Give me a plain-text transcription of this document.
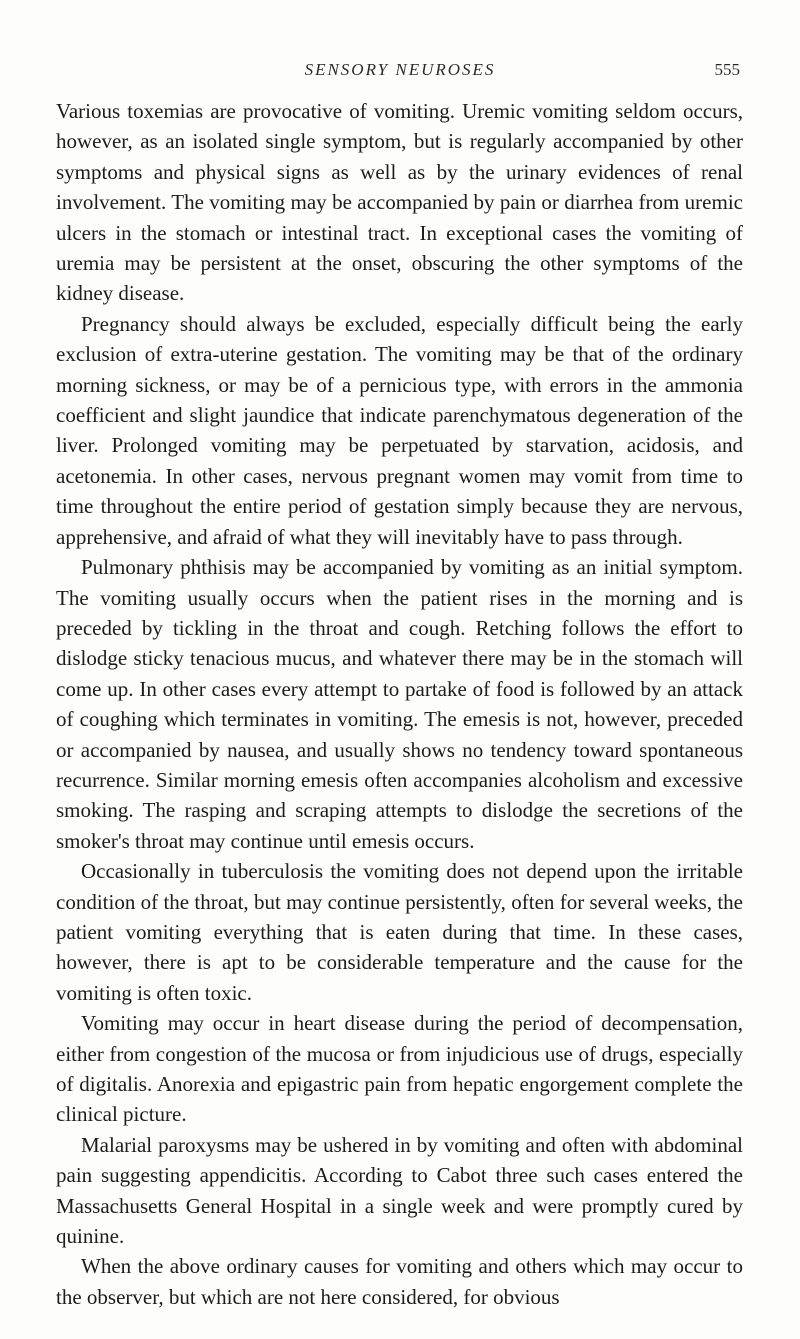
SENSORY NEUROSES	555

Various toxemias are provocative of vomiting. Uremic vomiting seldom occurs, however, as an isolated single symptom, but is regularly accompanied by other symptoms and physical signs as well as by the urinary evidences of renal involvement. The vomiting may be accompanied by pain or diarrhea from uremic ulcers in the stomach or intestinal tract. In exceptional cases the vomiting of uremia may be persistent at the onset, obscuring the other symptoms of the kidney disease.

Pregnancy should always be excluded, especially difficult being the early exclusion of extra-uterine gestation. The vomiting may be that of the ordinary morning sickness, or may be of a pernicious type, with errors in the ammonia coefficient and slight jaundice that indicate parenchymatous degeneration of the liver. Prolonged vomiting may be perpetuated by starvation, acidosis, and acetonemia. In other cases, nervous pregnant women may vomit from time to time throughout the entire period of gestation simply because they are nervous, apprehensive, and afraid of what they will inevitably have to pass through.

Pulmonary phthisis may be accompanied by vomiting as an initial symptom. The vomiting usually occurs when the patient rises in the morning and is preceded by tickling in the throat and cough. Retching follows the effort to dislodge sticky tenacious mucus, and whatever there may be in the stomach will come up. In other cases every attempt to partake of food is followed by an attack of coughing which terminates in vomiting. The emesis is not, however, preceded or accompanied by nausea, and usually shows no tendency toward spontaneous recurrence. Similar morning emesis often accompanies alcoholism and excessive smoking. The rasping and scraping attempts to dislodge the secretions of the smoker's throat may continue until emesis occurs.

Occasionally in tuberculosis the vomiting does not depend upon the irritable condition of the throat, but may continue persistently, often for several weeks, the patient vomiting everything that is eaten during that time. In these cases, however, there is apt to be considerable temperature and the cause for the vomiting is often toxic.

Vomiting may occur in heart disease during the period of decompensation, either from congestion of the mucosa or from injudicious use of drugs, especially of digitalis. Anorexia and epigastric pain from hepatic engorgement complete the clinical picture.

Malarial paroxysms may be ushered in by vomiting and often with abdominal pain suggesting appendicitis. According to Cabot three such cases entered the Massachusetts General Hospital in a single week and were promptly cured by quinine.

When the above ordinary causes for vomiting and others which may occur to the observer, but which are not here considered, for obvious
